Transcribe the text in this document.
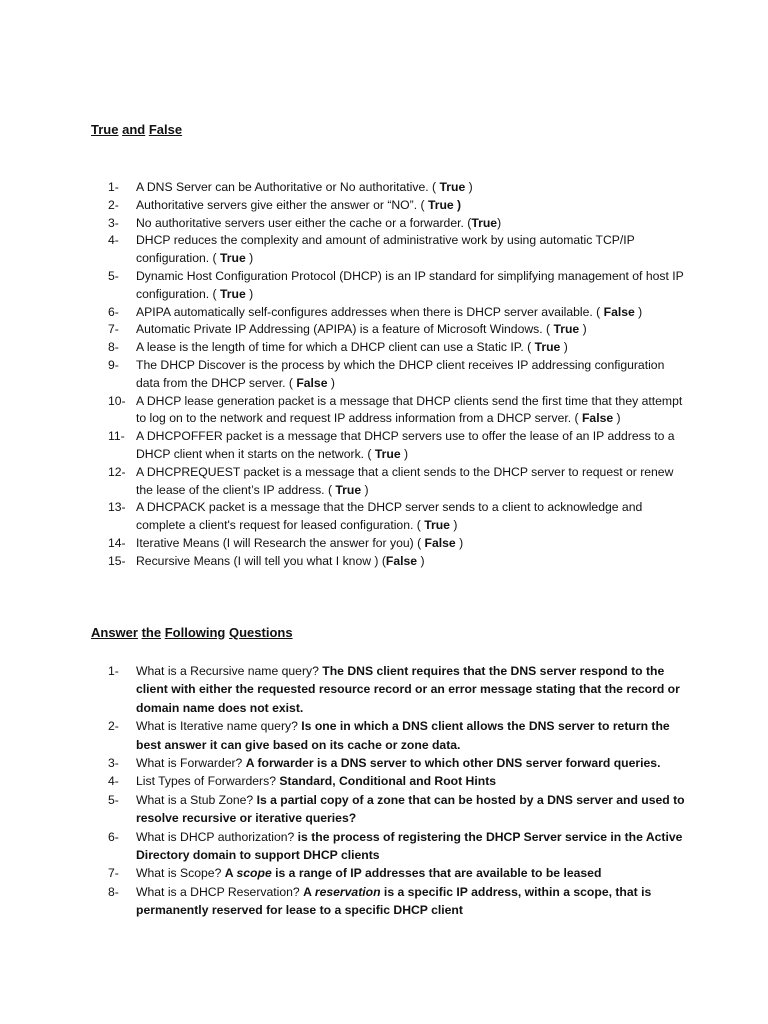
True and False
1-	A DNS Server can be Authoritative or No authoritative. ( True )
2-	Authoritative servers give either the answer or “NO”. ( True )
3-	No authoritative servers user either the cache or a forwarder. (True)
4-	DHCP reduces the complexity and amount of administrative work by using automatic TCP/IP configuration. ( True )
5-	Dynamic Host Configuration Protocol (DHCP) is an IP standard for simplifying management of host IP configuration. ( True )
6-	APIPA automatically self-configures addresses when there is DHCP server available. ( False )
7-	Automatic Private IP Addressing (APIPA) is a feature of Microsoft Windows. ( True )
8-	A lease is the length of time for which a DHCP client can use a Static IP. ( True )
9-	The DHCP Discover is the process by which the DHCP client receives IP addressing configuration data from the DHCP server. ( False )
10- A DHCP lease generation packet is a message that DHCP clients send the first time that they attempt to log on to the network and request IP address information from a DHCP server. ( False )
11- A DHCPOFFER packet is a message that DHCP servers use to offer the lease of an IP address to a DHCP client when it starts on the network. ( True )
12- A DHCPREQUEST packet is a message that a client sends to the DHCP server to request or renew the lease of the client’s IP address. ( True )
13- A DHCPACK packet is a message that the DHCP server sends to a client to acknowledge and complete a client's request for leased configuration. ( True )
14- Iterative Means (I will Research the answer for you) ( False )
15- Recursive Means (I will tell you what I know ) (False )
Answer the Following Questions
1-	What is a Recursive name query? The DNS client requires that the DNS server respond to the client with either the requested resource record or an error message stating that the record or domain name does not exist.
2-	What is Iterative name query? Is one in which a DNS client allows the DNS server to return the best answer it can give based on its cache or zone data.
3-	What is Forwarder? A forwarder is a DNS server to which other DNS server forward queries.
4-	List Types of Forwarders? Standard, Conditional and Root Hints
5-	What is a Stub Zone? Is a partial copy of a zone that can be hosted by a DNS server and used to resolve recursive or iterative queries?
6-	What is DHCP authorization? is the process of registering the DHCP Server service in the Active Directory domain to support DHCP clients
7-	What is Scope? A scope is a range of IP addresses that are available to be leased
8-	What is a DHCP Reservation? A reservation is a specific IP address, within a scope, that is permanently reserved for lease to a specific DHCP client
